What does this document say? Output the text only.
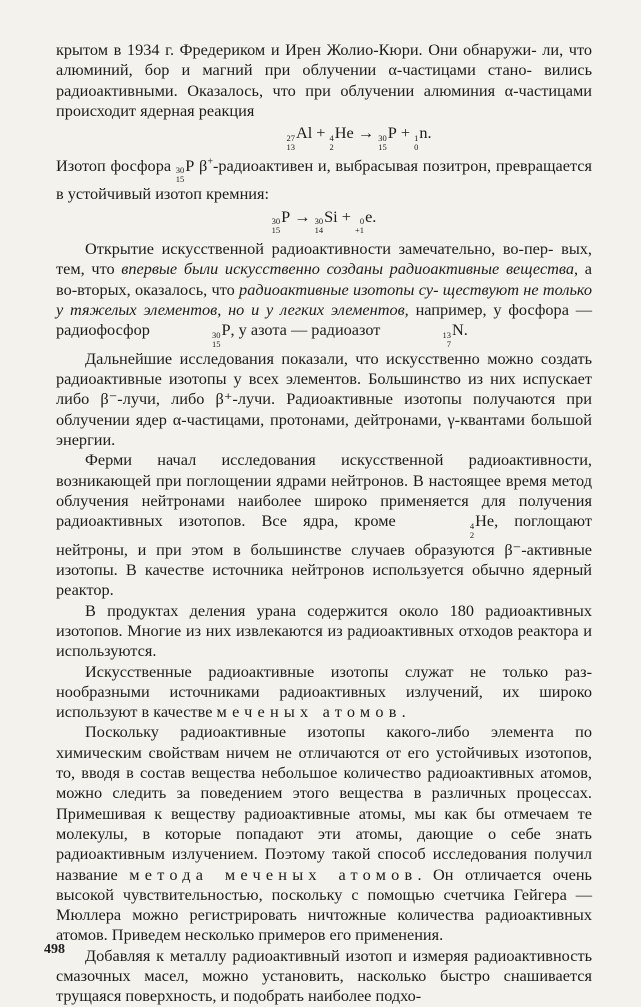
крытом в 1934 г. Фредериком и Ирен Жолио-Кюри. Они обнаружи- ли, что алюминий, бор и магний при облучении α-частицами стано- вились радиоактивными. Оказалось, что при облучении алюминия α-частицами происходит ядерная реакция

27
13
Al + 4
2
He → 30
15
P + 1
0
n.

Изотоп фосфора 30
15
P β+-радиоактивен и, выбрасывая позитрон, превращается в устойчивый изотоп кремния:

30
15
P → 30
14
Si + 0
+1
e.

Открытие искусственной радиоактивности замечательно, во-пер- вых, тем, что впервые были искусственно созданы радиоактивные вещества, а во-вторых, оказалось, что радиоактивные изотопы су- ществуют не только у тяжелых элементов, но и у легких элементов, например, у фосфора — радиофосфор	30
15
P, у азота — радиоазот	13
7
N.

Дальнейшие исследования показали, что искусственно можно создать радиоактивные изотопы у всех элементов. Большинство из них испускает либо β⁻-лучи, либо β⁺-лучи. Радиоактивные изотопы получаются при облучении ядер α-частицами, протонами, дейтронами, γ-квантами большой энергии.

Ферми начал исследования искусственной радиоактивности, возникающей при поглощении ядрами нейтронов. В настоящее время метод облучения нейтронами наиболее широко применяется для получения радиоактивных изотопов. Все ядра, кроме	4
2
He, поглощают нейтроны, и при этом в большинстве случаев образуются β⁻-активные изотопы. В качестве источника нейтронов используется обычно ядерный реактор.

В продуктах деления урана содержится около 180 радиоактивных изотопов. Многие из них извлекаются из радиоактивных отходов реактора и используются.

Искусственные радиоактивные изотопы служат не только разнообразными источниками радиоактивных излучений, их широко используют в качестве меченых атомов.

Поскольку радиоактивные изотопы какого-либо элемента по химическим свойствам ничем не отличаются от его устойчивых изотопов, то, вводя в состав вещества небольшое количество радиоактивных атомов, можно следить за поведением этого вещества в различных процессах. Примешивая к веществу радиоактивные атомы, мы как бы отмечаем те молекулы, в которые попадают эти атомы, дающие о себе знать радиоактивным излучением. Поэтому такой способ исследования получил название метода меченых атомов. Он отличается очень высокой чувствительностью, поскольку с помощью счетчика Гейгера — Мюллера можно регистрировать ничтожные количества радиоактивных атомов. Приведем несколько примеров его применения.

Добавляя к металлу радиоактивный изотоп и измеряя радиоактивность смазочных масел, можно установить, насколько быстро снашивается трущаяся поверхность, и подобрать наиболее подхо-

498
